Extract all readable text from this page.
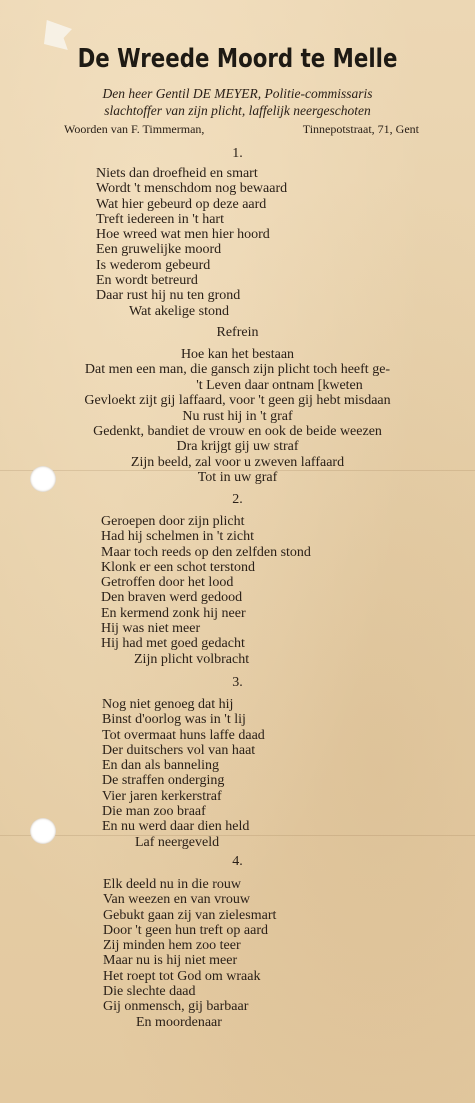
De Wreede Moord te Melle
Den heer Gentil DE MEYER, Politie-commissaris
slachtoffer van zijn plicht, laffelijk neergeschoten
Woorden van F. Timmerman,	Tinnepotstraat, 71, Gent
1.
Niets dan droefheid en smart
Wordt 't menschdom nog bewaard
Wat hier gebeurd op deze aard
Treft iedereen in 't hart
Hoe wreed wat men hier hoord
Een gruwelijke moord
Is wederom gebeurd
En wordt betreurd
Daar rust hij nu ten grond
Wat akelige stond
Refrein
Hoe kan het bestaan
Dat men een man, die gansch zijn plicht toch heeft ge-
't Leven daar ontnam [kweten
Gevloekt zijt gij laffaard, voor 't geen gij hebt misdaan
Nu rust hij in 't graf
Gedenkt, bandiet de vrouw en ook de beide weezen
Dra krijgt gij uw straf
Zijn beeld, zal voor u zweven laffaard
Tot in uw graf
2.
Geroepen door zijn plicht
Had hij schelmen in 't zicht
Maar toch reeds op den zelfden stond
Klonk er een schot terstond
Getroffen door het lood
Den braven werd gedood
En kermend zonk hij neer
Hij was niet meer
Hij had met goed gedacht
Zijn plicht volbracht
3.
Nog niet genoeg dat hij
Binst d'oorlog was in 't lij
Tot overmaat huns laffe daad
Der duitschers vol van haat
En dan als banneling
De straffen onderging
Vier jaren kerkerstraf
Die man zoo braaf
En nu werd daar dien held
Laf neergeveld
4.
Elk deeld nu in die rouw
Van weezen en van vrouw
Gebukt gaan zij van zielesmart
Door 't geen hun treft op aard
Zij minden hem zoo teer
Maar nu is hij niet meer
Het roept tot God om wraak
Die slechte daad
Gij onmensch, gij barbaar
En moordenaar
